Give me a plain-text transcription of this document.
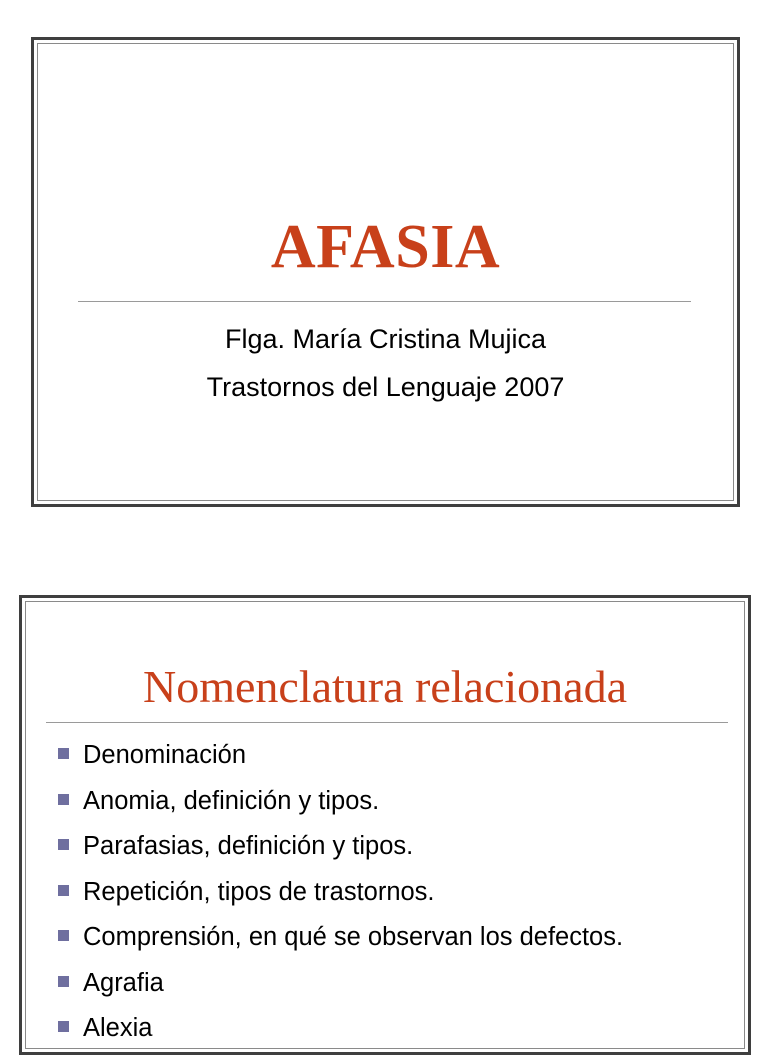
AFASIA
Flga. María Cristina Mujica
Trastornos del Lenguaje 2007
Nomenclatura relacionada
Denominación
Anomia, definición y tipos.
Parafasias, definición y tipos.
Repetición, tipos de trastornos.
Comprensión, en qué se observan los defectos.
Agrafia
Alexia
